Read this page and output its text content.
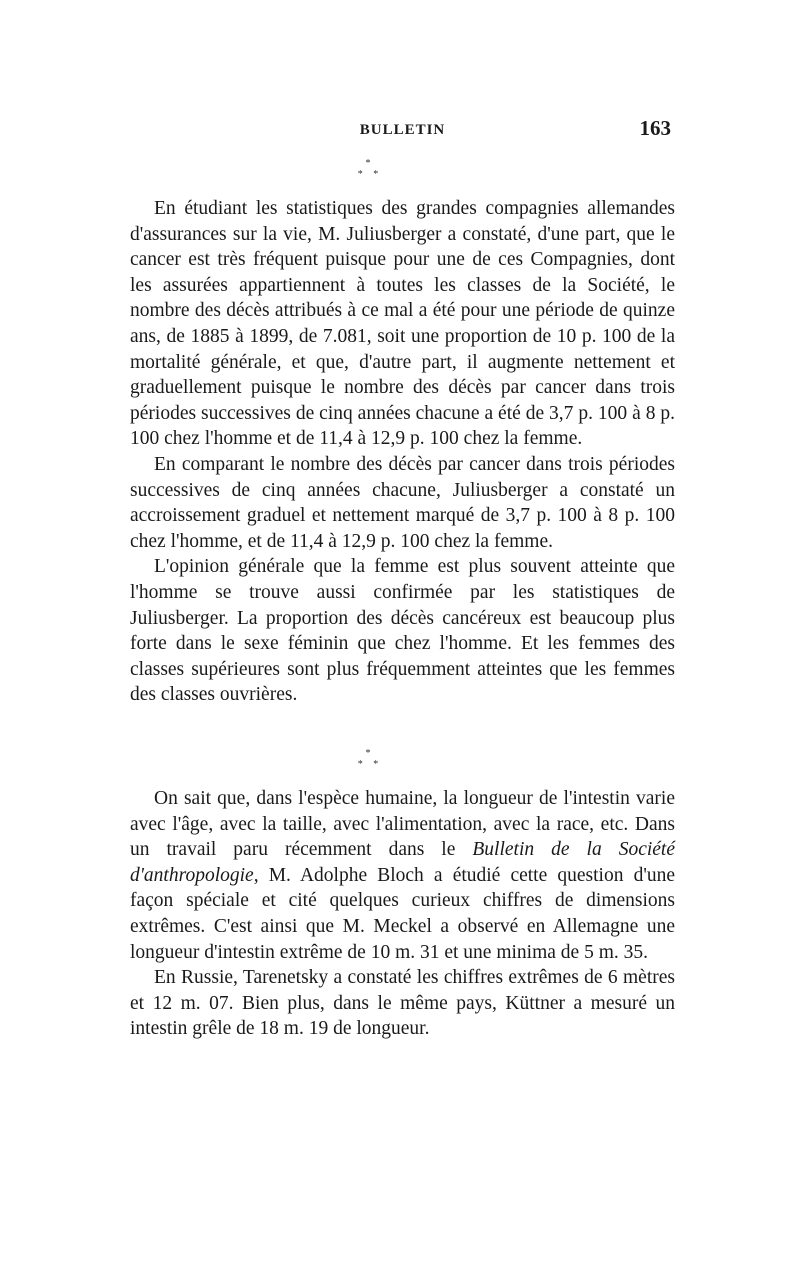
BULLETIN	163
*
* *

En étudiant les statistiques des grandes compagnies allemandes d'assurances sur la vie, M. Juliusberger a constaté, d'une part, que le cancer est très fréquent puisque pour une de ces Compagnies, dont les assurées appartiennent à toutes les classes de la Société, le nombre des décès attribués à ce mal a été pour une période de quinze ans, de 1885 à 1899, de 7.081, soit une proportion de 10 p. 100 de la mortalité générale, et que, d'autre part, il augmente nettement et graduellement puisque le nombre des décès par cancer dans trois périodes successives de cinq années chacune a été de 3,7 p. 100 à 8 p. 100 chez l'homme et de 11,4 à 12,9 p. 100 chez la femme.

En comparant le nombre des décès par cancer dans trois périodes successives de cinq années chacune, Juliusberger a constaté un accroissement graduel et nettement marqué de 3,7 p. 100 à 8 p. 100 chez l'homme, et de 11,4 à 12,9 p. 100 chez la femme.

L'opinion générale que la femme est plus souvent atteinte que l'homme se trouve aussi confirmée par les statistiques de Juliusberger. La proportion des décès cancéreux est beaucoup plus forte dans le sexe féminin que chez l'homme. Et les femmes des classes supérieures sont plus fréquemment atteintes que les femmes des classes ouvrières.

*
* *

On sait que, dans l'espèce humaine, la longueur de l'intestin varie avec l'âge, avec la taille, avec l'alimentation, avec la race, etc. Dans un travail paru récemment dans le Bulletin de la Société d'anthropologie, M. Adolphe Bloch a étudié cette question d'une façon spéciale et cité quelques curieux chiffres de dimensions extrêmes. C'est ainsi que M. Meckel a observé en Allemagne une longueur d'intestin extrême de 10 m. 31 et une minima de 5 m. 35.

En Russie, Tarenetsky a constaté les chiffres extrêmes de 6 mètres et 12 m. 07. Bien plus, dans le même pays, Küttner a mesuré un intestin grêle de 18 m. 19 de longueur.
